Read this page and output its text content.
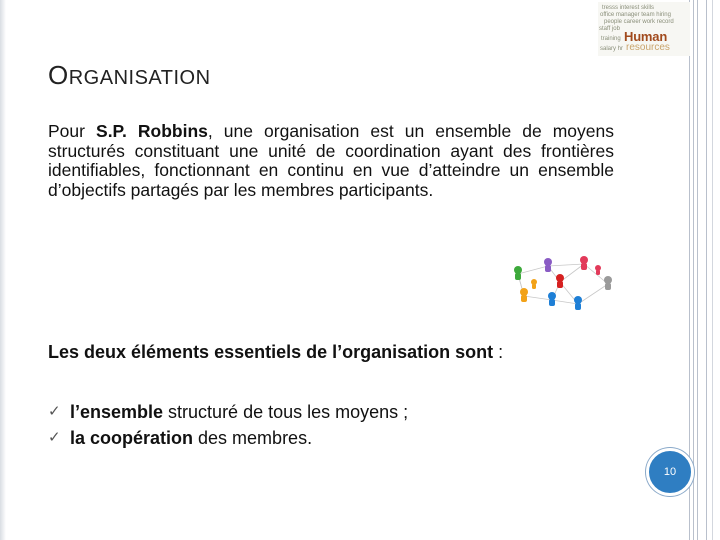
tresss interest skills
office manager team hiring
people career work record
staff job
training
salary hr
Human
resources
ORGANISATION

Pour S.P. Robbins, une organisation est un ensemble de moyens structurés constituant une unité de coordination ayant des frontières identifiables, fonctionnant en continu en vue d’atteindre un ensemble d’objectifs partagés par les membres participants.

Les deux éléments essentiels de l’organisation sont :

✓ l’ensemble structuré de tous les moyens ;
✓ la coopération des membres.
10
